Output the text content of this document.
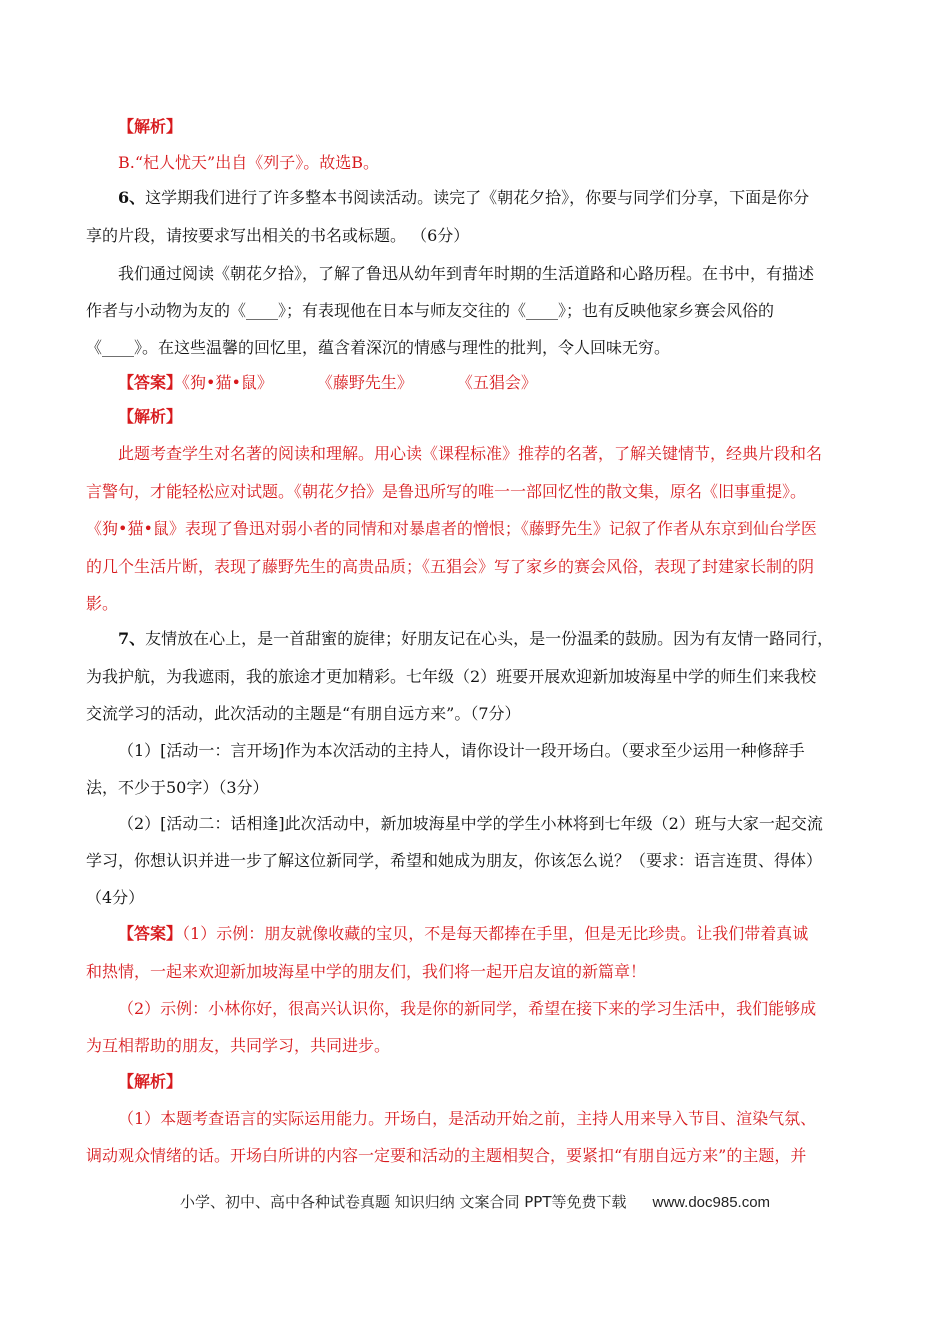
【解析】
B.“杞人忧天”出自《列子》。故选B。
6、这学期我们进行了许多整本书阅读活动。读完了《朝花夕拾》，你要与同学们分享，下面是你分
享的片段，请按要求写出相关的书名或标题。 （6分）
我们通过阅读《朝花夕拾》，了解了鲁迅从幼年到青年时期的生活道路和心路历程。在书中，有描述
作者与小动物为友的《____》；有表现他在日本与师友交往的《____》；也有反映他家乡赛会风俗的
《____》。在这些温馨的回忆里，蕴含着深沉的情感与理性的批判，令人回味无穷。
【答案】《狗•猫•鼠》	《藤野先生》	《五猖会》
【解析】
此题考查学生对名著的阅读和理解。用心读《课程标准》推荐的名著，了解关键情节，经典片段和名
言警句，才能轻松应对试题。《朝花夕拾》是鲁迅所写的唯一一部回忆性的散文集，原名《旧事重提》。
《狗•猫•鼠》表现了鲁迅对弱小者的同情和对暴虐者的憎恨；《藤野先生》记叙了作者从东京到仙台学医
的几个生活片断，表现了藤野先生的高贵品质；《五猖会》写了家乡的赛会风俗，表现了封建家长制的阴
影。
7、友情放在心上，是一首甜蜜的旋律；好朋友记在心头，是一份温柔的鼓励。因为有友情一路同行，
为我护航，为我遮雨，我的旅途才更加精彩。七年级（2）班要开展欢迎新加坡海星中学的师生们来我校
交流学习的活动，此次活动的主题是“有朋自远方来”。（7分）
（1）[活动一：言开场]作为本次活动的主持人，请你设计一段开场白。（要求至少运用一种修辞手
法，不少于50字）（3分）
（2）[活动二：话相逢]此次活动中，新加坡海星中学的学生小林将到七年级（2）班与大家一起交流
学习，你想认识并进一步了解这位新同学，希望和她成为朋友，你该怎么说？（要求：语言连贯、得体）
（4分）
【答案】（1）示例：朋友就像收藏的宝贝，不是每天都捧在手里，但是无比珍贵。让我们带着真诚
和热情，一起来欢迎新加坡海星中学的朋友们，我们将一起开启友谊的新篇章！
（2）示例：小林你好，很高兴认识你，我是你的新同学，希望在接下来的学习生活中，我们能够成
为互相帮助的朋友，共同学习，共同进步。
【解析】
（1）本题考查语言的实际运用能力。开场白，是活动开始之前，主持人用来导入节目、渲染气氛、
调动观众情绪的话。开场白所讲的内容一定要和活动的主题相契合，要紧扣“有朋自远方来”的主题，并
小学、初中、高中各种试卷真题 知识归纳 文案合同 PPT等免费下载 www.doc985.com
